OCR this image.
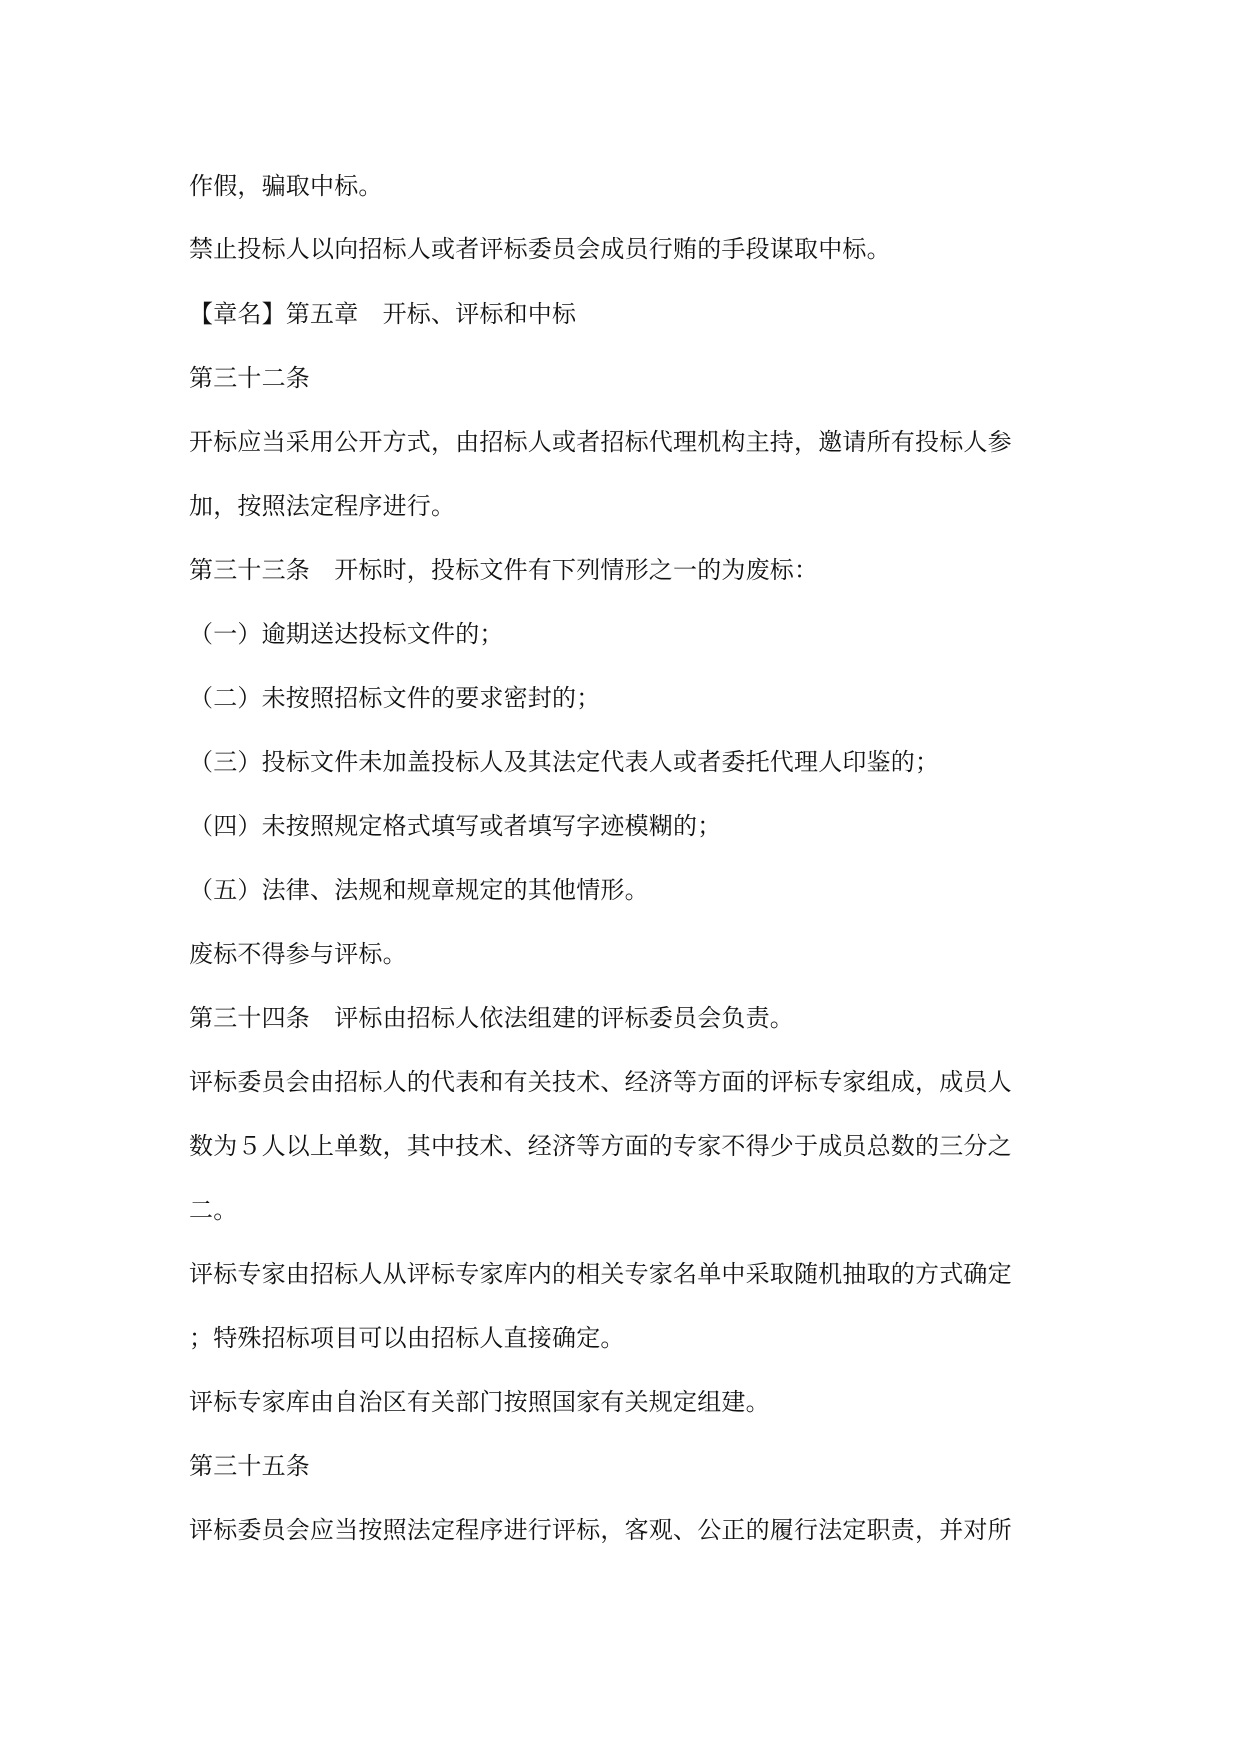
作假，骗取中标。
禁止投标人以向招标人或者评标委员会成员行贿的手段谋取中标。
【章名】第五章　开标、评标和中标
第三十二条
开标应当采用公开方式，由招标人或者招标代理机构主持，邀请所有投标人参
加，按照法定程序进行。
第三十三条　开标时，投标文件有下列情形之一的为废标：
（一）逾期送达投标文件的；
（二）未按照招标文件的要求密封的；
（三）投标文件未加盖投标人及其法定代表人或者委托代理人印鉴的；
（四）未按照规定格式填写或者填写字迹模糊的；
（五）法律、法规和规章规定的其他情形。
废标不得参与评标。
第三十四条　评标由招标人依法组建的评标委员会负责。
评标委员会由招标人的代表和有关技术、经济等方面的评标专家组成，成员人
数为５人以上单数，其中技术、经济等方面的专家不得少于成员总数的三分之
二。
评标专家由招标人从评标专家库内的相关专家名单中采取随机抽取的方式确定
；特殊招标项目可以由招标人直接确定。
评标专家库由自治区有关部门按照国家有关规定组建。
第三十五条
评标委员会应当按照法定程序进行评标，客观、公正的履行法定职责，并对所
